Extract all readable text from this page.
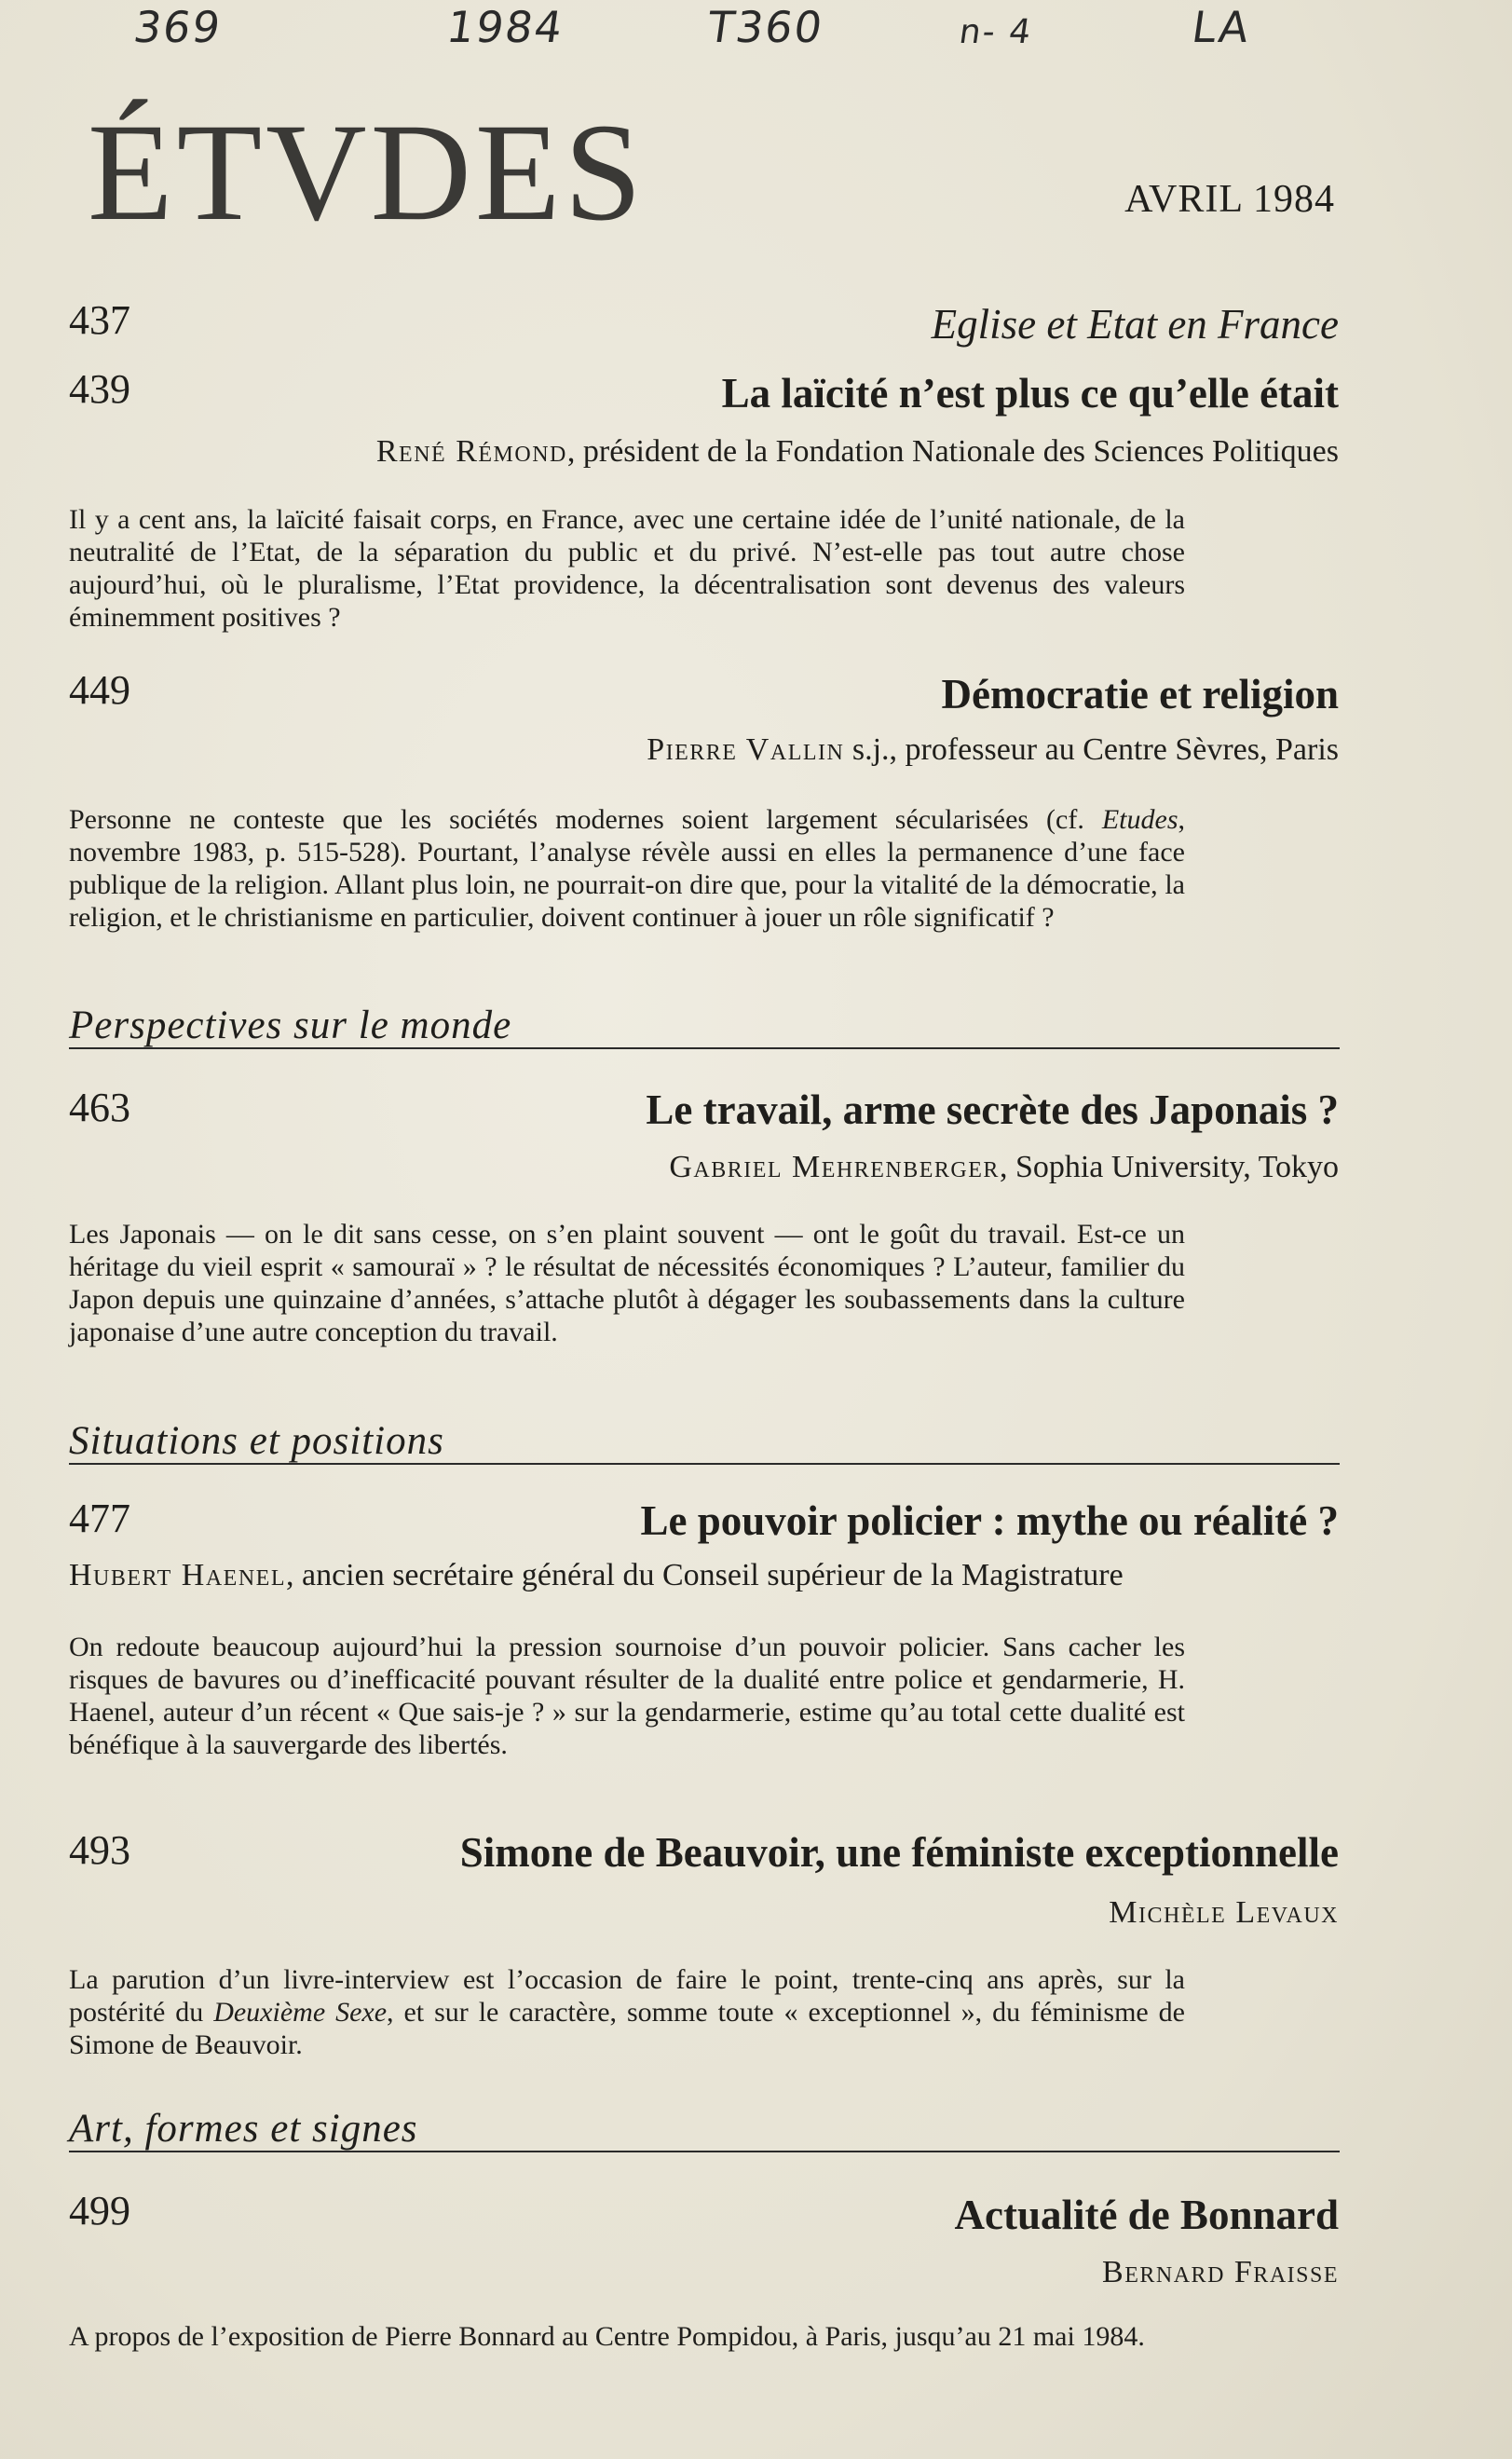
369	1984	T360	n- 4	LA
ÉTVDES	AVRIL 1984
437	Eglise et Etat en France
439	La laïcité n’est plus ce qu’elle était
René Rémond, président de la Fondation Nationale des Sciences Politiques
Il y a cent ans, la laïcité faisait corps, en France, avec une certaine idée de l’unité nationale, de la neutralité de l’Etat, de la séparation du public et du privé. N’est-elle pas tout autre chose aujourd’hui, où le pluralisme, l’Etat providence, la décentralisation sont devenus des valeurs éminemment positives ?
449	Démocratie et religion
Pierre Vallin s.j., professeur au Centre Sèvres, Paris
Personne ne conteste que les sociétés modernes soient largement sécularisées (cf. Etudes, novembre 1983, p. 515-528). Pourtant, l’analyse révèle aussi en elles la permanence d’une face publique de la religion. Allant plus loin, ne pourrait-on dire que, pour la vitalité de la démocratie, la religion, et le christianisme en particulier, doivent continuer à jouer un rôle significatif ?
Perspectives sur le monde
463	Le travail, arme secrète des Japonais ?
Gabriel Mehrenberger, Sophia University, Tokyo
Les Japonais — on le dit sans cesse, on s’en plaint souvent — ont le goût du travail. Est-ce un héritage du vieil esprit « samouraï » ? le résultat de nécessités économiques ? L’auteur, familier du Japon depuis une quinzaine d’années, s’attache plutôt à dégager les soubassements dans la culture japonaise d’une autre conception du travail.
Situations et positions
477	Le pouvoir policier : mythe ou réalité ?
Hubert Haenel, ancien secrétaire général du Conseil supérieur de la Magistrature
On redoute beaucoup aujourd’hui la pression sournoise d’un pouvoir policier. Sans cacher les risques de bavures ou d’inefficacité pouvant résulter de la dualité entre police et gendarmerie, H. Haenel, auteur d’un récent « Que sais-je ? » sur la gendarmerie, estime qu’au total cette dualité est bénéfique à la sauvergarde des libertés.
493	Simone de Beauvoir, une féministe exceptionnelle
Michèle Levaux
La parution d’un livre-interview est l’occasion de faire le point, trente-cinq ans après, sur la postérité du Deuxième Sexe, et sur le caractère, somme toute « exceptionnel », du féminisme de Simone de Beauvoir.
Art, formes et signes
499	Actualité de Bonnard
Bernard Fraisse
A propos de l’exposition de Pierre Bonnard au Centre Pompidou, à Paris, jusqu’au 21 mai 1984.
